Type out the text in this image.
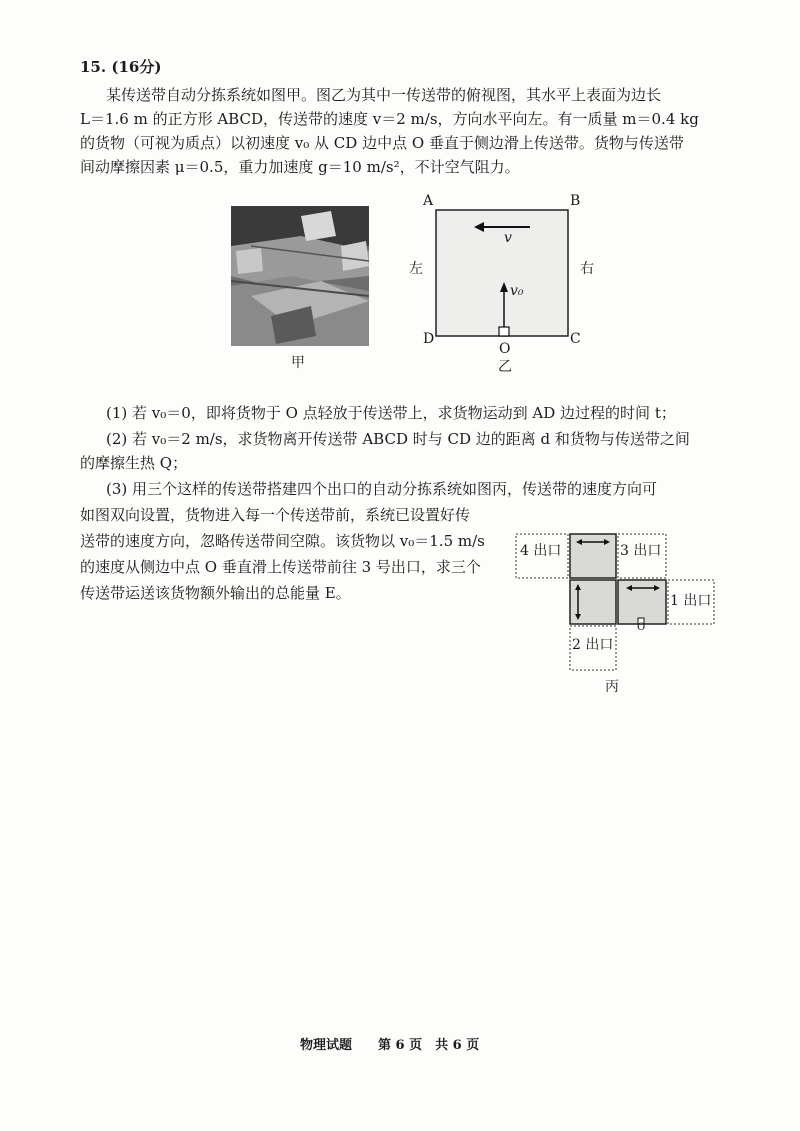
15. (16分)
某传送带自动分拣系统如图甲。图乙为其中一传送带的俯视图，其水平上表面为边长
L＝1.6 m 的正方形 ABCD，传送带的速度 v＝2 m/s，方向水平向左。有一质量 m＝0.4 kg
的货物（可视为质点）以初速度 v₀ 从 CD 边中点 O 垂直于侧边滑上传送带。货物与传送带
间动摩擦因素 μ＝0.5，重力加速度 g＝10 m/s²，不计空气阻力。
甲
A	B
D	C
O
左	右
v
v₀
乙
(1) 若 v₀＝0，即将货物于 O 点轻放于传送带上，求货物运动到 AD 边过程的时间 t；
(2) 若 v₀＝2 m/s，求货物离开传送带 ABCD 时与 CD 边的距离 d 和货物与传送带之间
的摩擦生热 Q；
(3) 用三个这样的传送带搭建四个出口的自动分拣系统如图丙，传送带的速度方向可
如图双向设置，货物进入每一个传送带前，系统已设置好传
送带的速度方向，忽略传送带间空隙。该货物以 v₀＝1.5 m/s
的速度从侧边中点 O 垂直滑上传送带前往 3 号出口，求三个
传送带运送该货物额外输出的总能量 E。
4 出口	3 出口
1 出口
2 出口
O
丙
物理试题　　第 6 页　共 6 页
